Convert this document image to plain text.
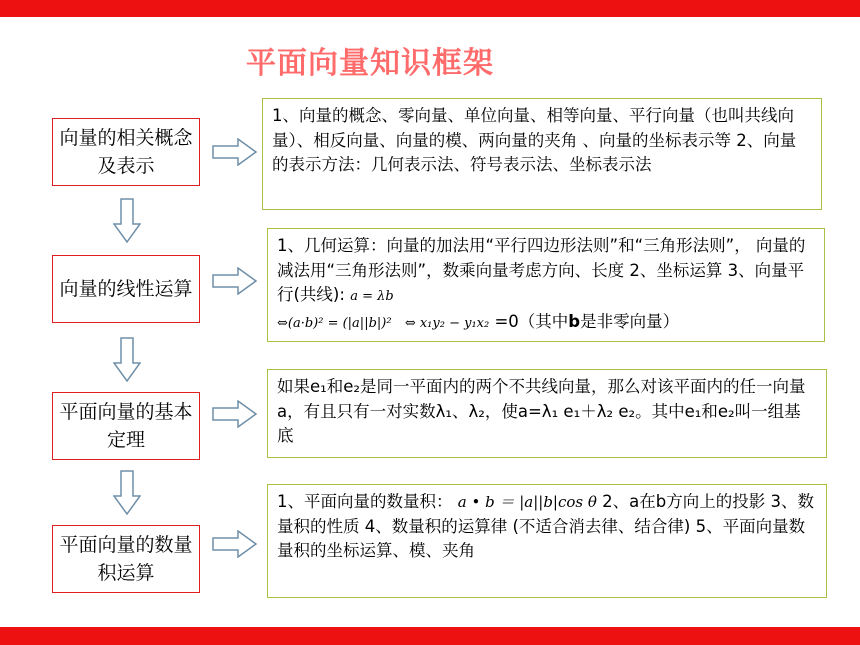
平面向量知识框架
向量的相关概念及表示
1、向量的概念、零向量、单位向量、相等向量、平行向量（也叫共线向量）、相反向量、向量的模、两向量的夹角 、向量的坐标表示等 2、向量的表示方法：几何表示法、符号表示法、坐标表示法
向量的线性运算
1、几何运算：向量的加法用“平行四边形法则”和“三角形法则”， 向量的减法用“三角形法则”，数乘向量考虑方向、长度 2、坐标运算 3、向量平行(共线): a = λb
⇔(a·b)² = (|a||b|)² ⇔ x₁y₂ − y₁x₂ =0（其中b是非零向量）
平面向量的基本定理
如果e₁和e₂是同一平面内的两个不共线向量，那么对该平面内的任一向量a，有且只有一对实数λ₁、λ₂，使a=λ₁ e₁＋λ₂ e₂。其中e₁和e₂叫一组基底
平面向量的数量积运算
1、平面向量的数量积： a • b ＝ |a||b|cos θ 2、a在b方向上的投影 3、数量积的性质 4、数量积的运算律 (不适合消去律、结合律) 5、平面向量数量积的坐标运算、模、夹角
